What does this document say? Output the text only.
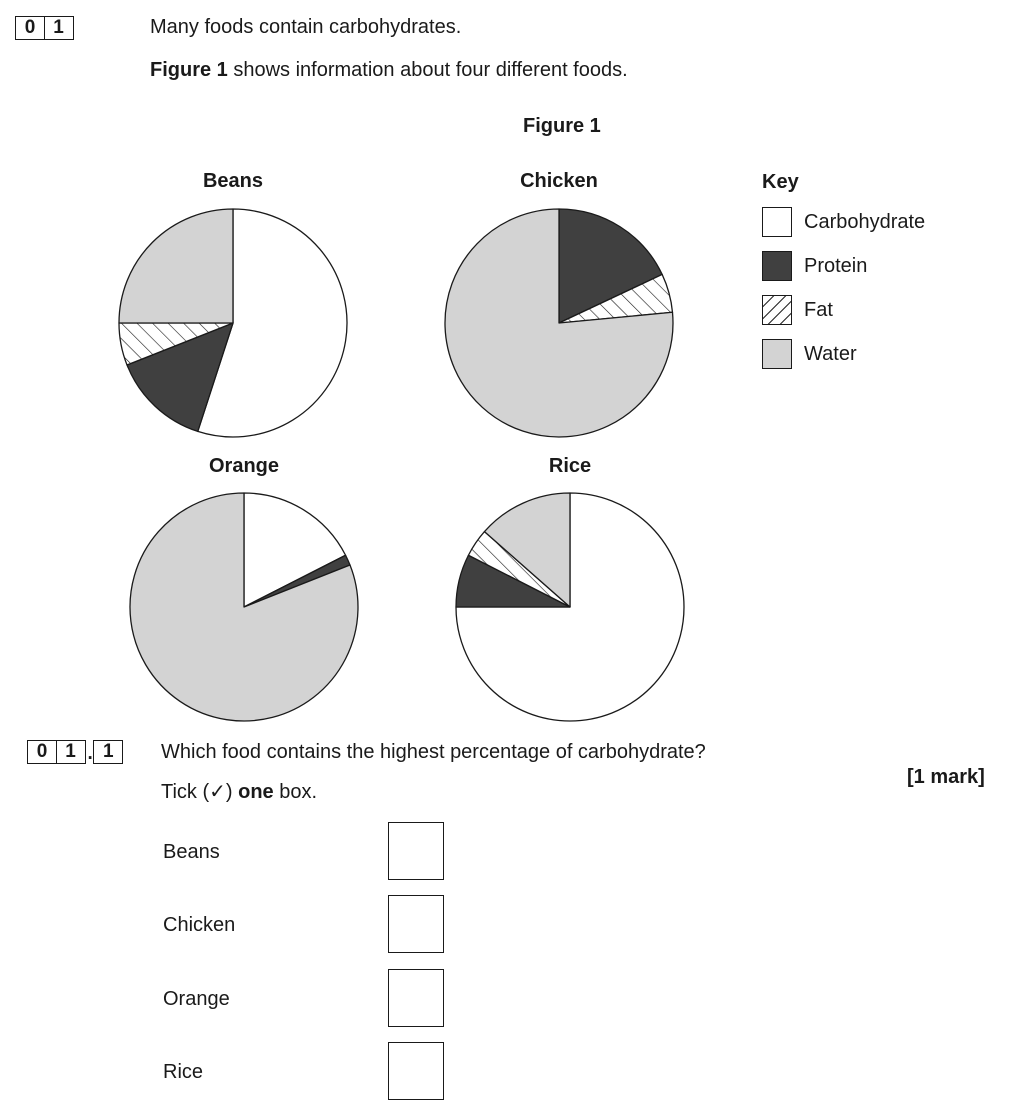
0 1	Many foods contain carbohydrates.
Figure 1 shows information about four different foods.
Figure 1
Beans	Chicken
Orange	Rice
Key
Carbohydrate
Protein
Fat
Water
0 1 . 1	Which food contains the highest percentage of carbohydrate?
[1 mark]
Tick (✓) one box.
Beans
Chicken
Orange
Rice
